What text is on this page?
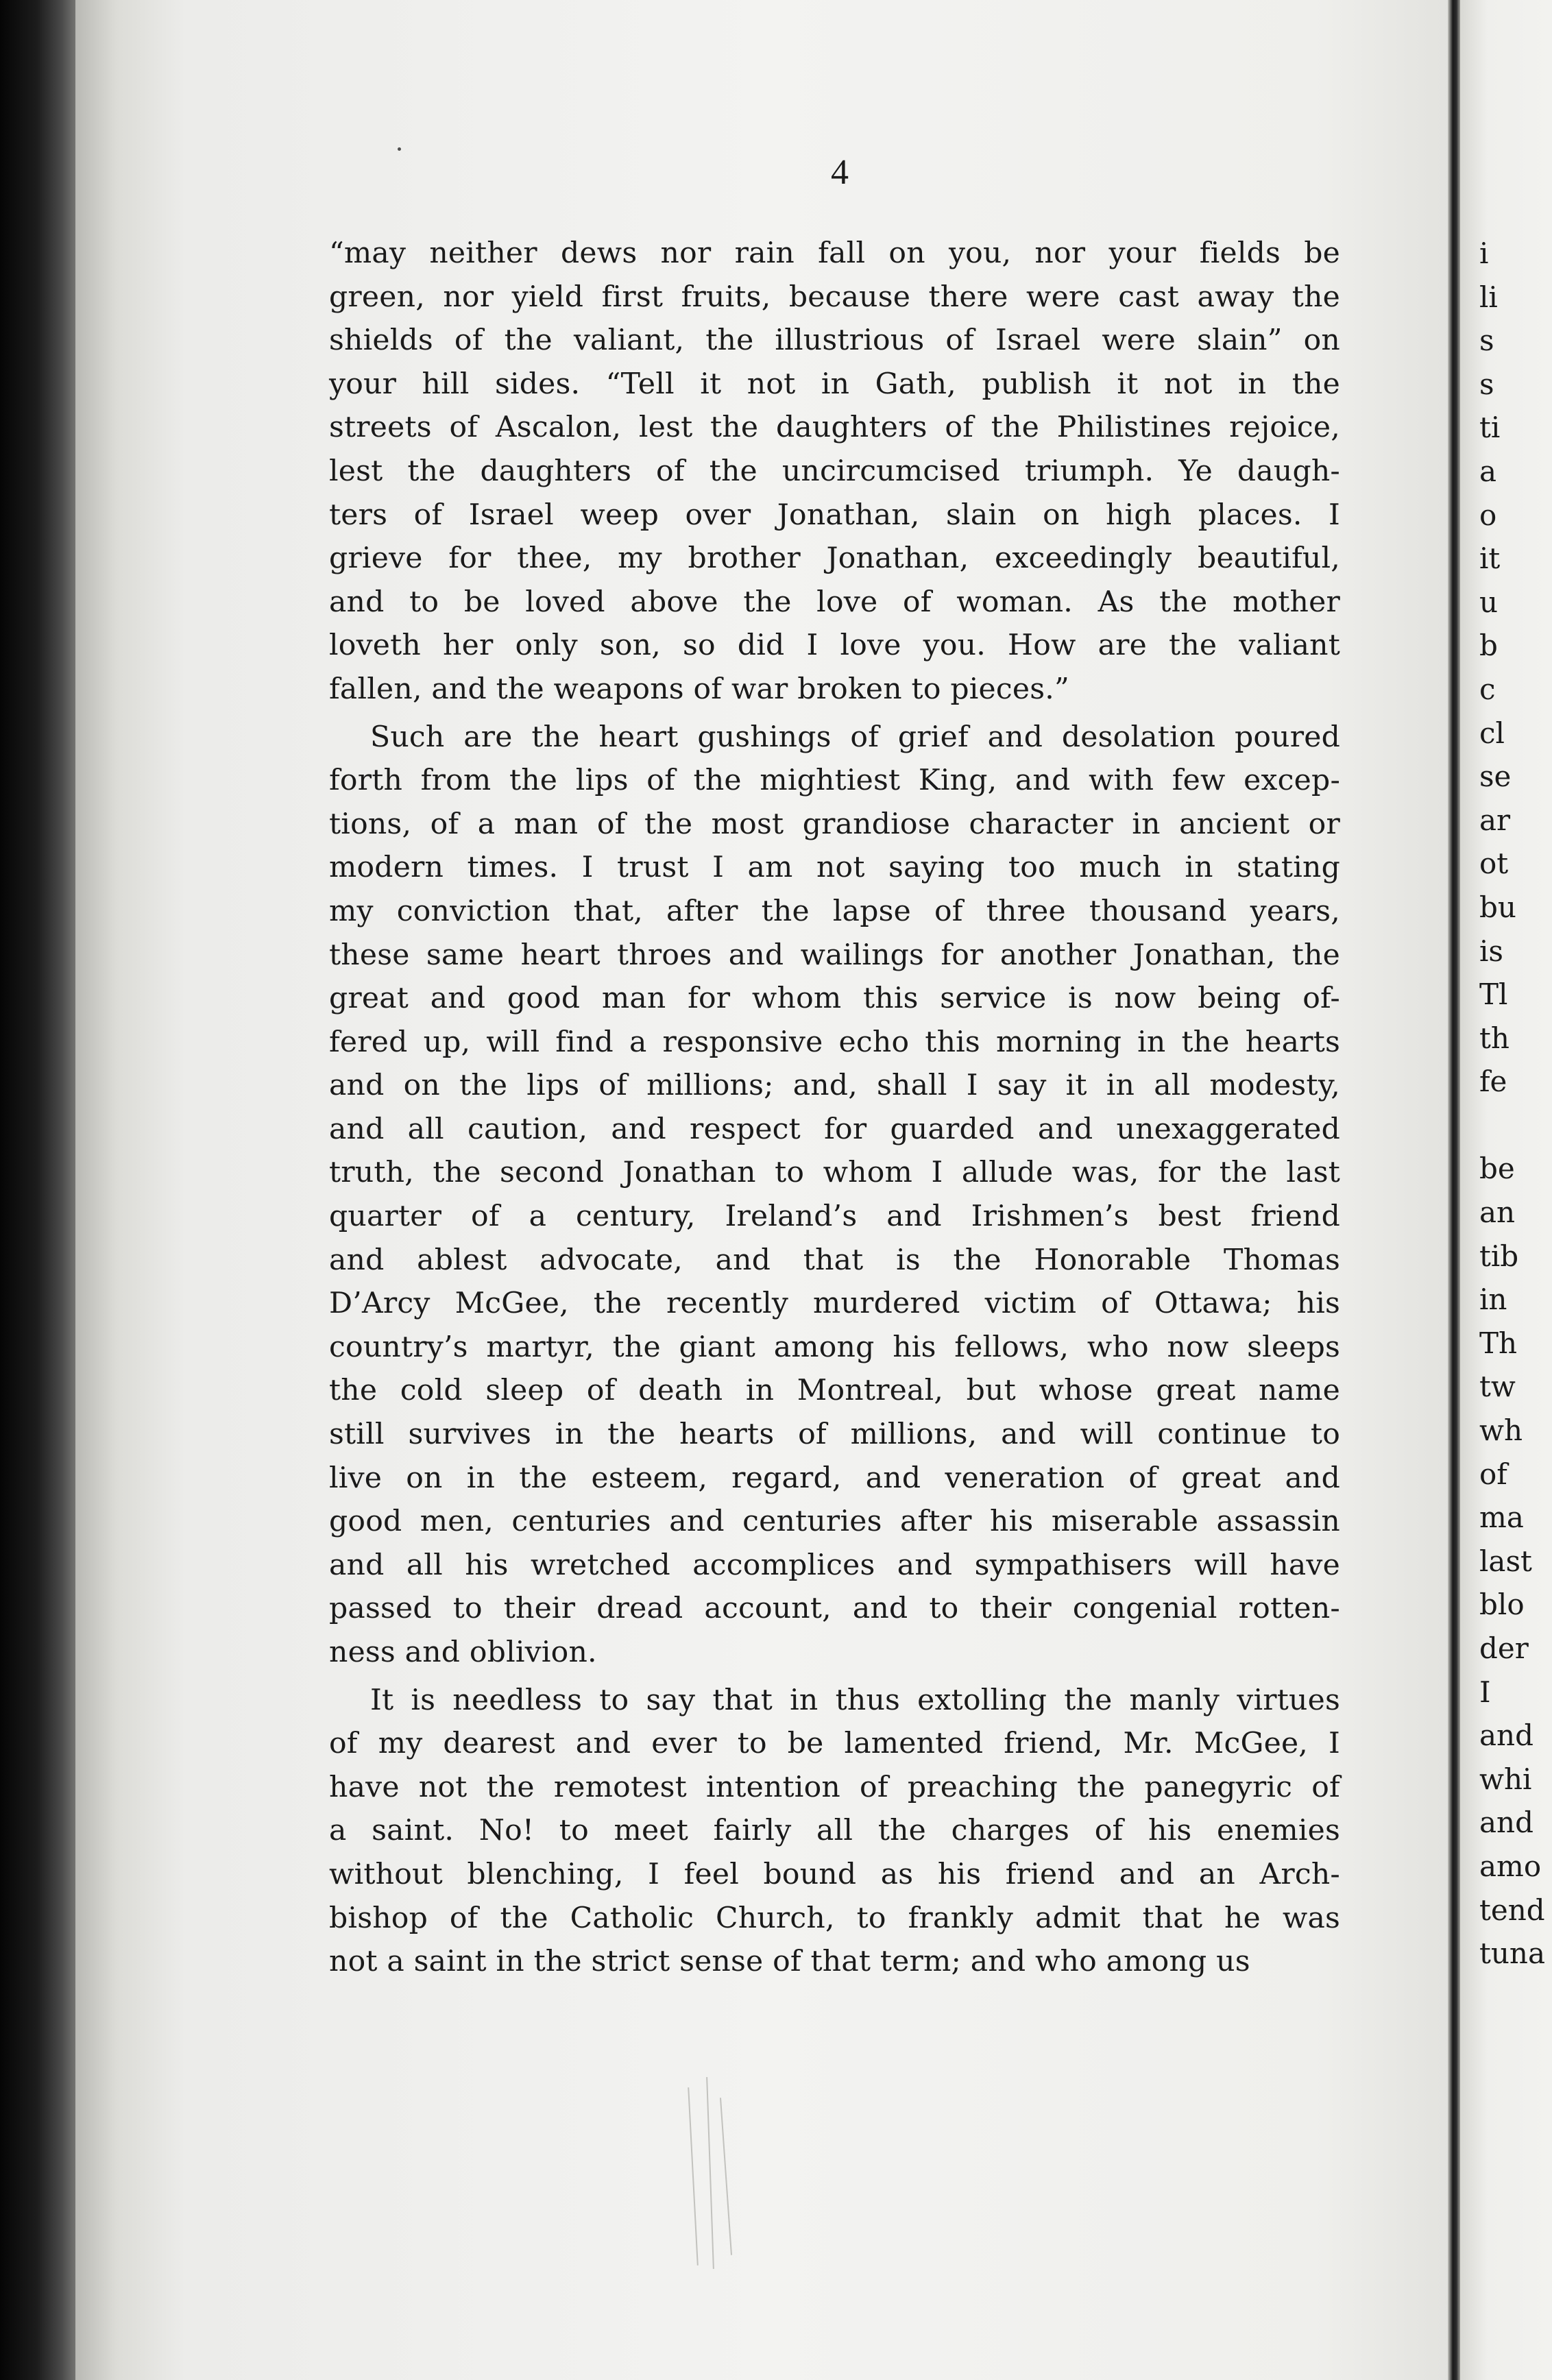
4
“may neither dews nor rain fall on you, nor your fields be
green, nor yield first fruits, because there were cast away the
shields of the valiant, the illustrious of Israel were slain” on
your hill sides. “Tell it not in Gath, publish it not in the
streets of Ascalon, lest the daughters of the Philistines rejoice,
lest the daughters of the uncircumcised triumph. Ye daugh-
ters of Israel weep over Jonathan, slain on high places. I
grieve for thee, my brother Jonathan, exceedingly beautiful,
and to be loved above the love of woman. As the mother
loveth her only son, so did I love you. How are the valiant
fallen, and the weapons of war broken to pieces.”
Such are the heart gushings of grief and desolation poured
forth from the lips of the mightiest King, and with few excep-
tions, of a man of the most grandiose character in ancient or
modern times. I trust I am not saying too much in stating
my conviction that, after the lapse of three thousand years,
these same heart throes and wailings for another Jonathan, the
great and good man for whom this service is now being of-
fered up, will find a responsive echo this morning in the hearts
and on the lips of millions; and, shall I say it in all modesty,
and all caution, and respect for guarded and unexaggerated
truth, the second Jonathan to whom I allude was, for the last
quarter of a century, Ireland’s and Irishmen’s best friend
and ablest advocate, and that is the Honorable Thomas
D’Arcy McGee, the recently murdered victim of Ottawa; his
country’s martyr, the giant among his fellows, who now sleeps
the cold sleep of death in Montreal, but whose great name
still survives in the hearts of millions, and will continue to
live on in the esteem, regard, and veneration of great and
good men, centuries and centuries after his miserable assassin
and all his wretched accomplices and sympathisers will have
passed to their dread account, and to their congenial rotten-
ness and oblivion.
It is needless to say that in thus extolling the manly virtues
of my dearest and ever to be lamented friend, Mr. McGee, I
have not the remotest intention of preaching the panegyric of
a saint. No! to meet fairly all the charges of his enemies
without blenching, I feel bound as his friend and an Arch-
bishop of the Catholic Church, to frankly admit that he was
not a saint in the strict sense of that term; and who among us
i
li
s
s
ti
a
o
it
u
b
c
cl
se
ar
ot
bu
is
Tl
th
fe
be
an
tib
in
Th
tw
wh
of
ma
last
blo
der
I
and
whi
and
amo
tend
tuna
